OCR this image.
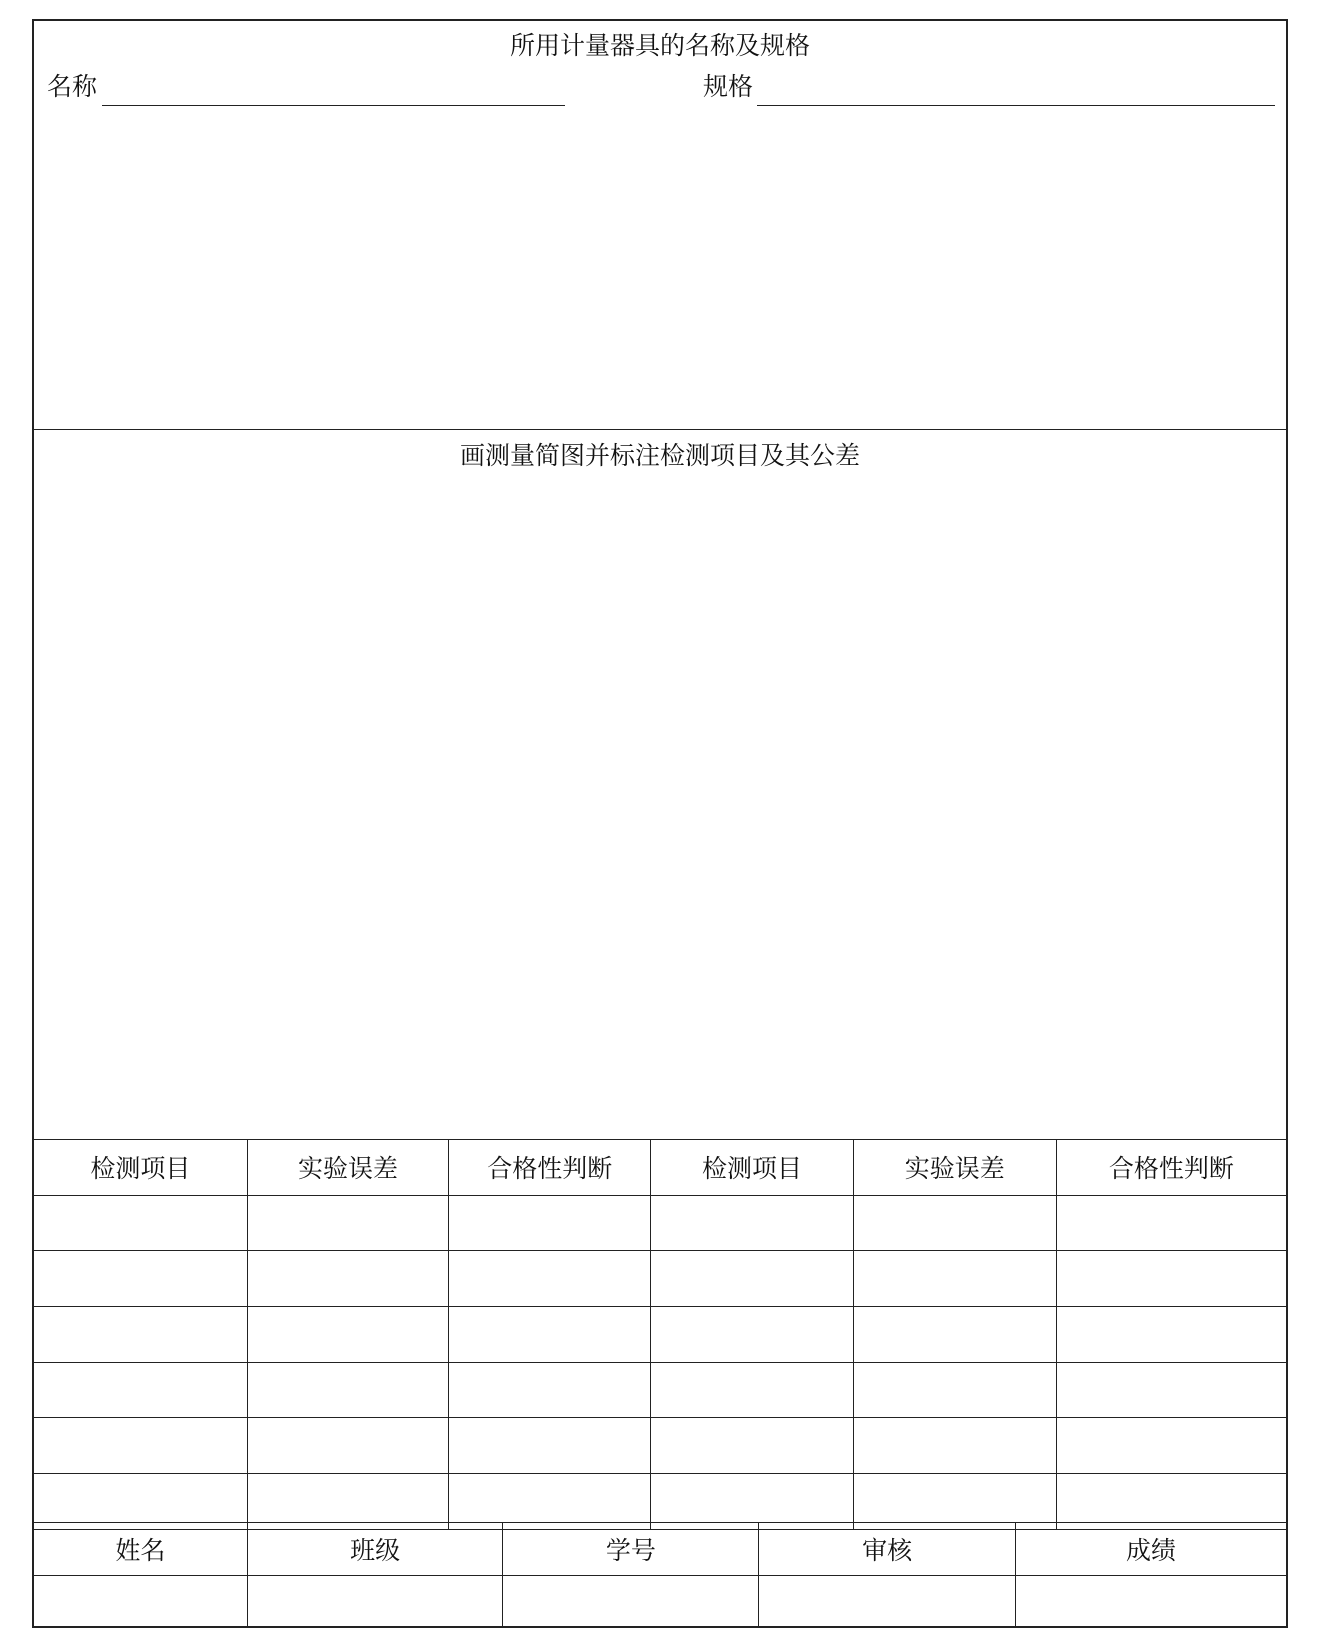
所用计量器具的名称及规格
名称	规格
画测量简图并标注检测项目及其公差
检测项目	实验误差	合格性判断	检测项目	实验误差	合格性判断

姓名	班级	学号	审核	成绩
